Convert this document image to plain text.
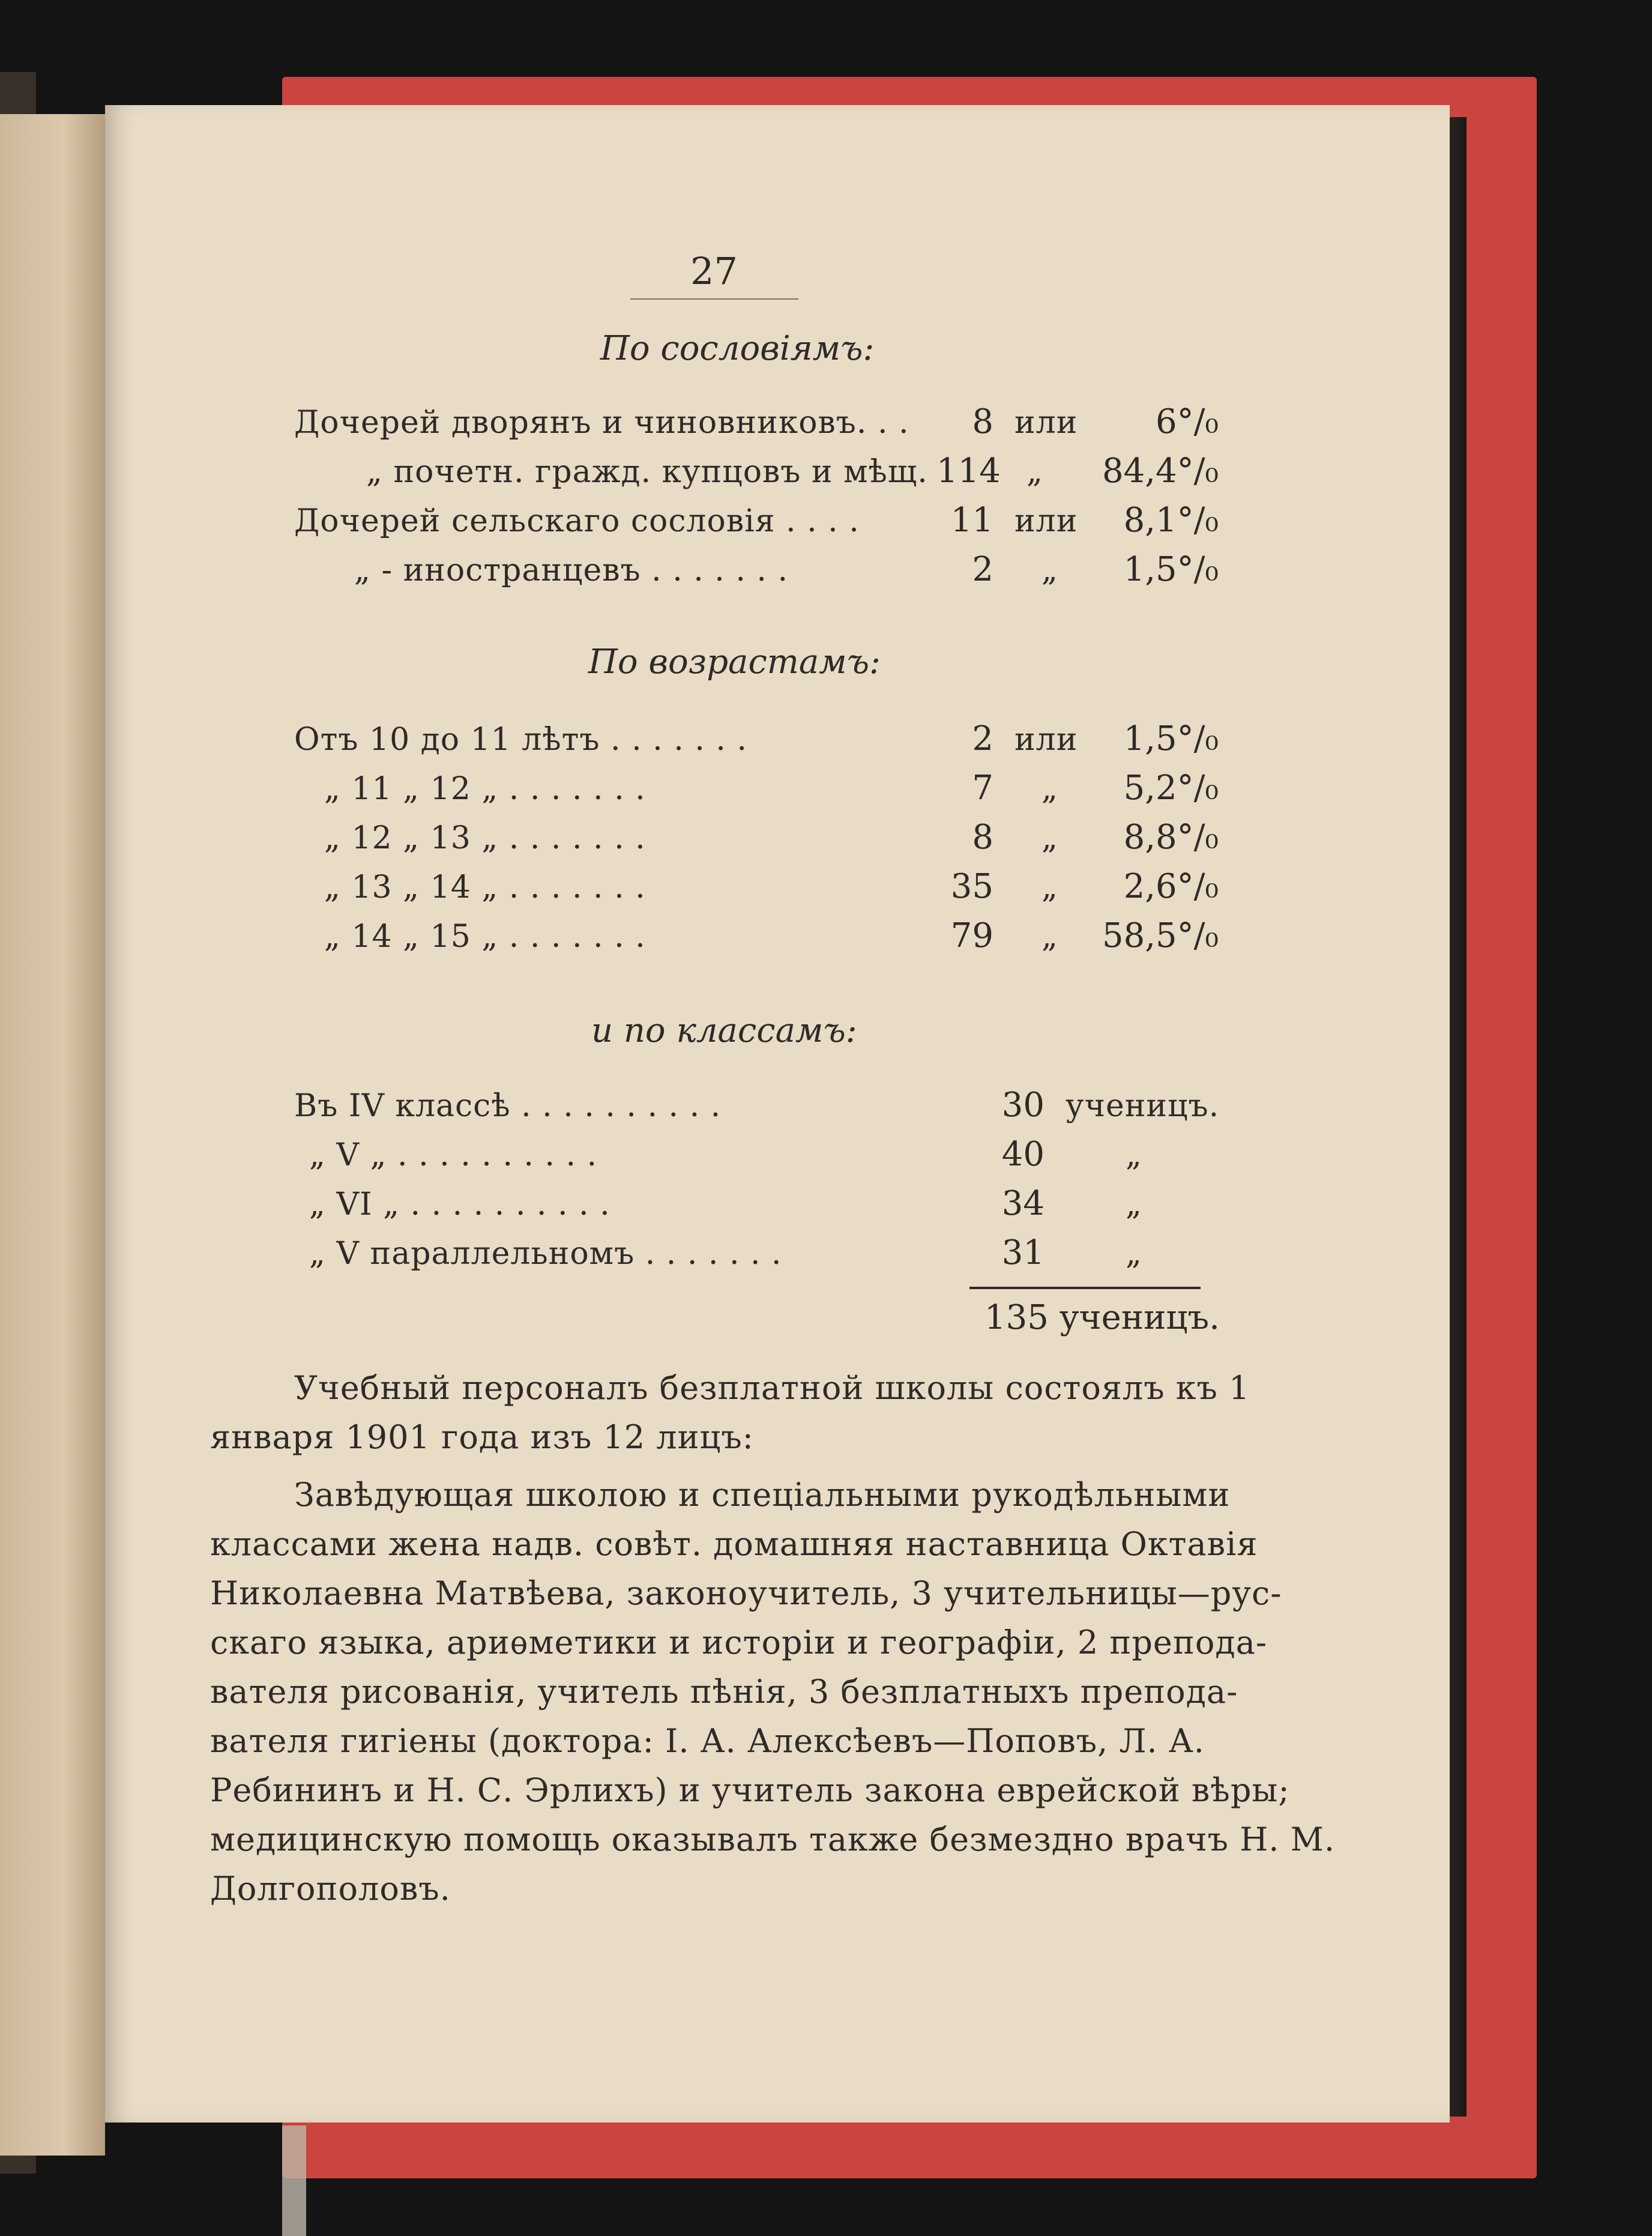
27
По сословіямъ:
Дочерей дворянъ и чиновниковъ. . .	8 или	6°/₀
„ почетн. гражд. купцовъ и мѣщ. 114 „	84,4°/₀
Дочерей сельскаго сословія . . . .	11 или	8,1°/₀
„ - иностранцевъ . . . . . . .	2 „	1,5°/₀
По возрастамъ:
Отъ 10 до 11 лѣтъ . . . . . . .	2 или	1,5°/₀
„ 11 „ 12 „ . . . . . . .	7 „	5,2°/₀
„ 12 „ 13 „ . . . . . . .	8 „	8,8°/₀
„ 13 „ 14 „ . . . . . . .	35 „	2,6°/₀
„ 14 „ 15 „ . . . . . . .	79 „	58,5°/₀
и по классамъ:
Въ IV классѣ . . . . . . . . . .	30 ученицъ.
„ V „ . . . . . . . . . .	40	„
„ VI „ . . . . . . . . . .	34	„
„ V параллельномъ . . . . . . .	31	„
135 ученицъ.
Учебный персоналъ безплатной школы состоялъ къ 1
января 1901 года изъ 12 лицъ:
Завѣдующая школою и спеціальными рукодѣльными
классами жена надв. совѣт. домашняя наставница Октавія
Николаевна Матвѣева, законоучитель, 3 учительницы—рус-
скаго языка, ариѳметики и исторіи и географіи, 2 препода-
вателя рисованія, учитель пѣнія, 3 безплатныхъ препода-
вателя гигіены (доктора: І. А. Алексѣевъ—Поповъ, Л. А.
Ребининъ и Н. С. Эрлихъ) и учитель закона еврейской вѣры;
медицинскую помощь оказывалъ также безмездно врачъ Н. М.
Долгополовъ.
